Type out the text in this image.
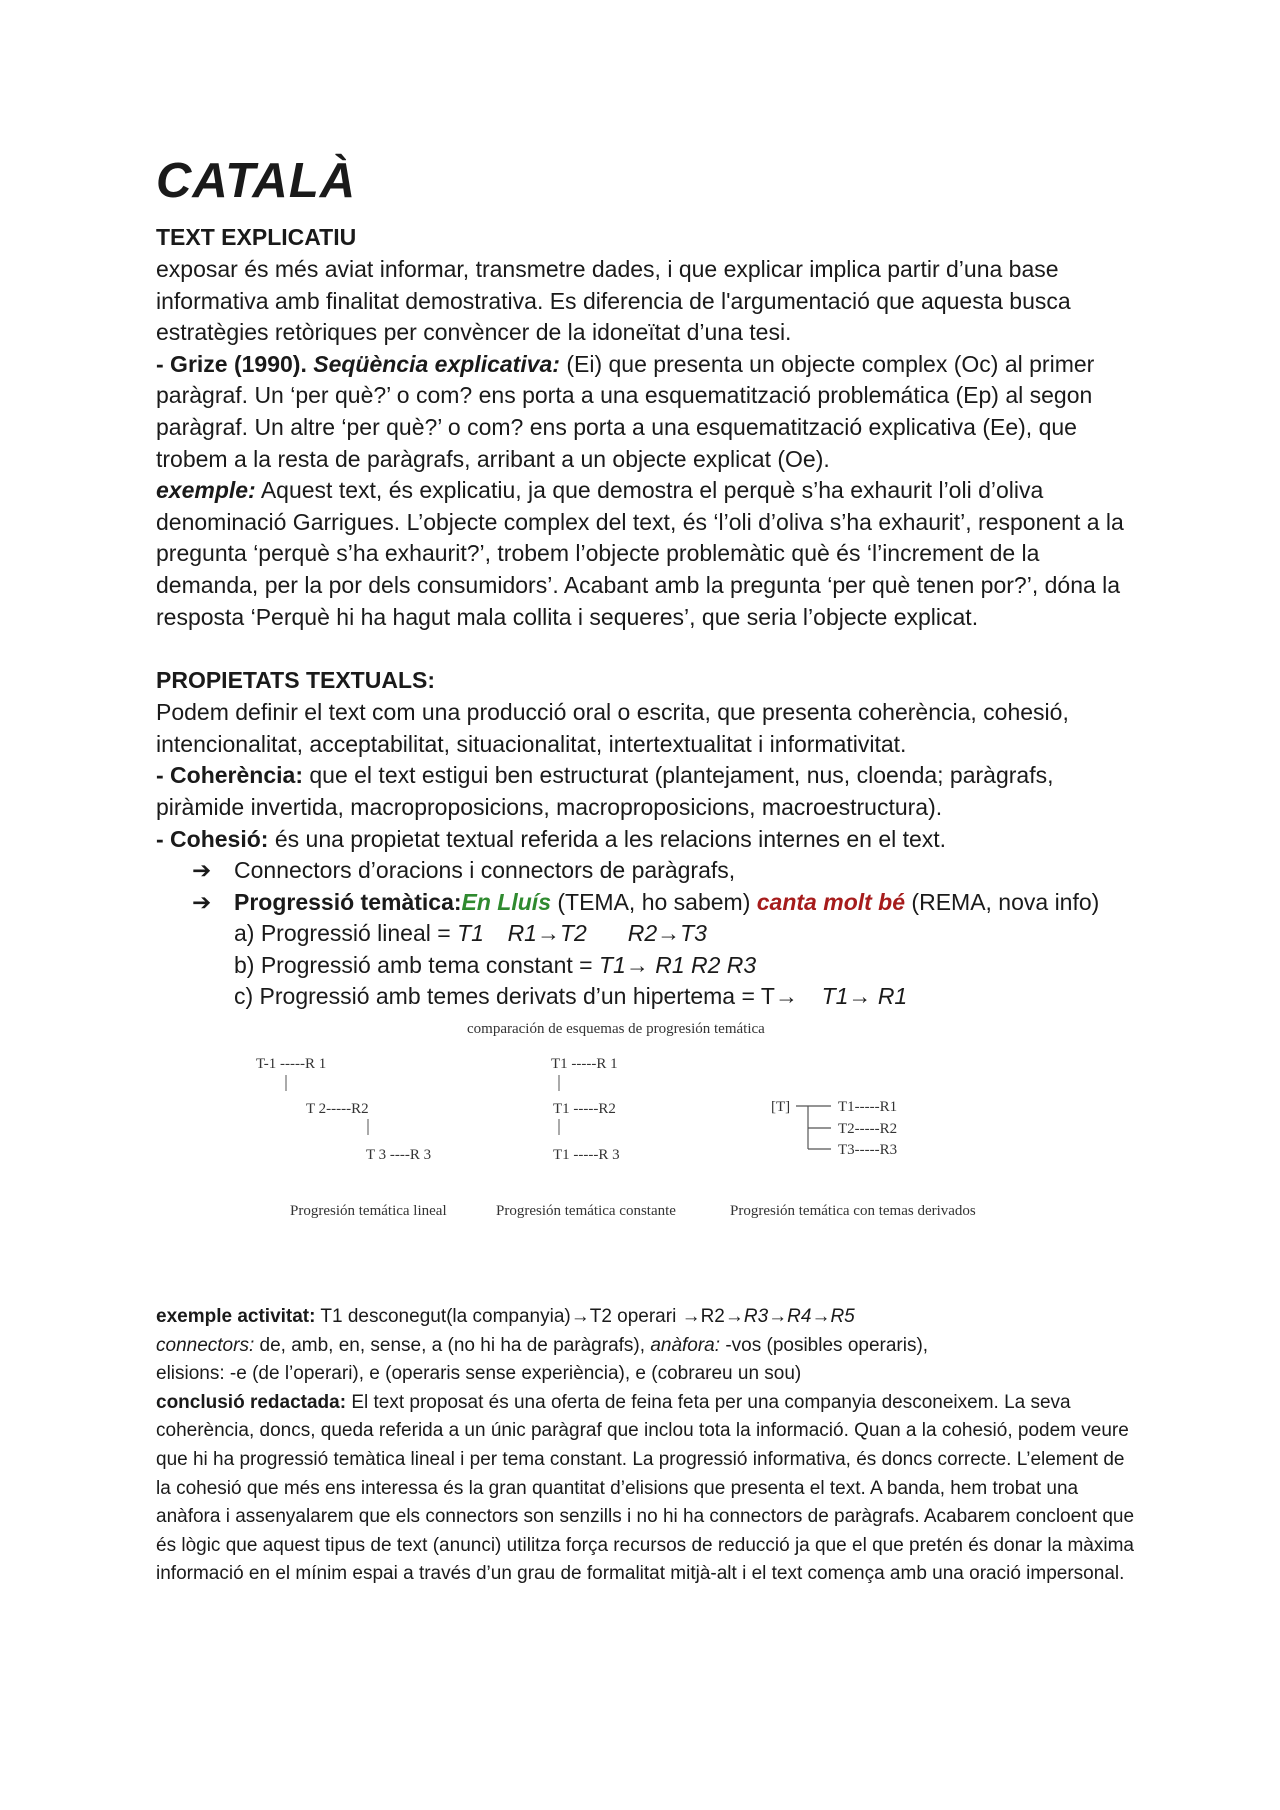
CATALÀ
TEXT EXPLICATIU

exposar és més aviat informar, transmetre dades, i que explicar implica partir d’una base informativa amb finalitat demostrativa. Es diferencia de l'argumentació que aquesta busca estratègies retòriques per convèncer de la idoneïtat d’una tesi.

- Grize (1990). Seqüència explicativa: (Ei) que presenta un objecte complex (Oc) al primer paràgraf. Un ‘per què?’ o com? ens porta a una esquematització problemática (Ep) al segon paràgraf. Un altre ‘per què?’ o com? ens porta a una esquematització explicativa (Ee), que trobem a la resta de paràgrafs, arribant a un objecte explicat (Oe).

exemple: Aquest text, és explicatiu, ja que demostra el perquè s’ha exhaurit l’oli d’oliva denominació Garrigues. L’objecte complex del text, és ‘l’oli d’oliva s’ha exhaurit’, responent a la pregunta ‘perquè s’ha exhaurit?’, trobem l’objecte problemàtic què és ‘l’increment de la demanda, per la por dels consumidors’. Acabant amb la pregunta ‘per què tenen por?’, dóna la resposta ‘Perquè hi ha hagut mala collita i sequeres’, que seria l’objecte explicat.

PROPIETATS TEXTUALS:

Podem definir el text com una producció oral o escrita, que presenta coherència, cohesió, intencionalitat, acceptabilitat, situacionalitat, intertextualitat i informativitat.

- Coherència: que el text estigui ben estructurat (plantejament, nus, cloenda; paràgrafs, piràmide invertida, macroproposicions, macroproposicions, macroestructura).

- Cohesió: és una propietat textual referida a les relacions internes en el text.

➔ Connectors d’oracions i connectors de paràgrafs,
➔ Progressió temàtica:En Lluís (TEMA, ho sabem) canta molt bé (REMA, nova info)
a) Progressió lineal = T1 R1→T2 R2→T3
b) Progressió amb tema constant = T1→ R1 R2 R3
c) Progressió amb temes derivats d’un hipertema = T→ T1→ R1
comparación de esquemas de progresión temática
T-1 -----R 1
T 2-----R2
T 3 ----R 3
T1 -----R 1
T1 -----R2
T1 -----R 3
[T]	T1-----R1
T2-----R2
T3-----R3
Progresión temática lineal	Progresión temática constante	Progresión temática con temas derivados

exemple activitat: T1 desconegut(la companyia)→T2 operari →R2→R3→R4→R5

connectors: de, amb, en, sense, a (no hi ha de paràgrafs), anàfora: -vos (posibles operaris),

elisions: -e (de l’operari), e (operaris sense experiència), e (cobrareu un sou)

conclusió redactada: El text proposat és una oferta de feina feta per una companyia desconeixem. La seva coherència, doncs, queda referida a un únic paràgraf que inclou tota la informació. Quan a la cohesió, podem veure que hi ha progressió temàtica lineal i per tema constant. La progressió informativa, és doncs correcte. L’element de la cohesió que més ens interessa és la gran quantitat d’elisions que presenta el text. A banda, hem trobat una anàfora i assenyalarem que els connectors son senzills i no hi ha connectors de paràgrafs. Acabarem concloent que és lògic que aquest tipus de text (anunci) utilitza força recursos de reducció ja que el que pretén és donar la màxima informació en el mínim espai a través d’un grau de formalitat mitjà-alt i el text comença amb una oració impersonal.
